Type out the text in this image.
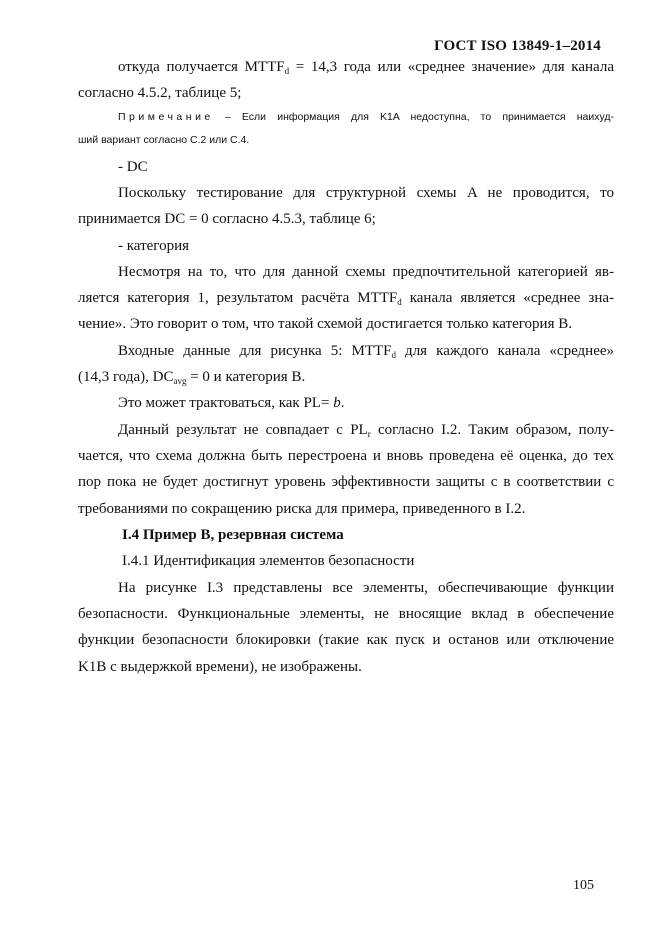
ГОСТ ISO 13849-1–2014
откуда получается $MTTF_d = 14,3$ года или «среднее значение» для канала
согласно 4.5.2, таблице 5;
Примечание – Если информация для K1A недоступна, то принимается наихуд-
ший вариант согласно С.2 или С.4.
- DC
Поскольку тестирование для структурной схемы A не проводится, то
принимается DC = 0 согласно 4.5.3, таблице 6;
- категория
Несмотря на то, что для данной схемы предпочтительной категорией яв-
ляется категория 1, результатом расчёта $MTTF_d$ канала является «среднее зна-
чение». Это говорит о том, что такой схемой достигается только категория B.
Входные данные для рисунка 5: $MTTF_d$ для каждого канала «среднее»
(14,3 года), $DC_{avg} = 0$ и категория B.
Это может трактоваться, как PL= b.
Данный результат не совпадает с $PL_r$ согласно I.2. Таким образом, полу-
чается, что схема должна быть перестроена и вновь проведена её оценка, до тех
пор пока не будет достигнут уровень эффективности защиты с в соответствии с
требованиями по сокращению риска для примера, приведенного в I.2.
I.4 Пример B, резервная система
I.4.1 Идентификация элементов безопасности
На рисунке I.3 представлены все элементы, обеспечивающие функции
безопасности. Функциональные элементы, не вносящие вклад в обеспечение
функции безопасности блокировки (такие как пуск и останов или отключение
K1B с выдержкой времени), не изображены.
105
